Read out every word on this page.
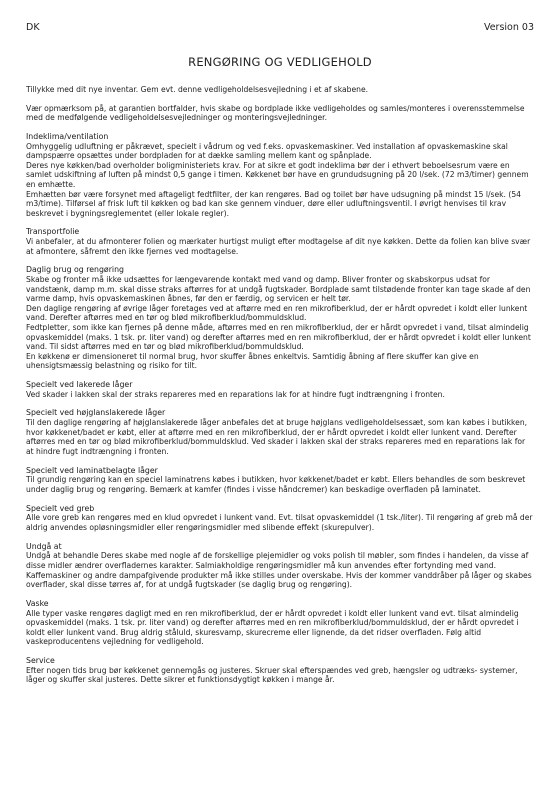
DK	Version 03
RENGØRING OG VEDLIGEHOLD

Tillykke med dit nye inventar. Gem evt. denne vedligeholdelsesvejledning i et af skabene.

Vær opmærksom på, at garantien bortfalder, hvis skabe og bordplade ikke vedligeholdes og samles/monteres i overensstemmelse med de medfølgende vedligeholdelsesvejledninger og monteringsvejledninger.

Indeklima/ventilation

Omhyggelig udluftning er påkrævet, specielt i vådrum og ved f.eks. opvaskemaskiner. Ved installation af opvaskemaskine skal dampspærre opsættes under bordpladen for at dække samling mellem kant og spånplade.

Deres nye køkken/bad overholder boligministeriets krav. For at sikre et godt indeklima bør der i ethvert beboelsesrum være en samlet udskiftning af luften på mindst 0,5 gange i timen. Køkkenet bør have en grundudsugning på 20 l/sek. (72 m3/timer) gennem en emhætte.

Emhætten bør være forsynet med aftageligt fedtfilter, der kan rengøres. Bad og toilet bør have udsugning på mindst 15 l/sek. (54 m3/time). Tilførsel af frisk luft til køkken og bad kan ske gennem vinduer, døre eller udluftningsventil. I øvrigt henvises til krav beskrevet i bygningsreglementet (eller lokale regler).

Transportfolie

Vi anbefaler, at du afmonterer folien og mærkater hurtigst muligt efter modtagelse af dit nye køkken. Dette da folien kan blive svær at afmontere, såfremt den ikke fjernes ved modtagelse.

Daglig brug og rengøring

Skabe og fronter må ikke udsættes for længevarende kontakt med vand og damp. Bliver fronter og skabskorpus udsat for vandstænk, damp m.m. skal disse straks aftørres for at undgå fugtskader. Bordplade samt tilstødende fronter kan tage skade af den varme damp, hvis opvaskemaskinen åbnes, før den er færdig, og servicen er helt tør.

Den daglige rengøring af øvrige låger foretages ved at aftørre med en ren mikrofiberklud, der er hårdt opvredet i koldt eller lunkent vand. Derefter aftørres med en tør og blød mikrofiberklud/bommuldsklud.

Fedtpletter, som ikke kan fjernes på denne måde, aftørres med en ren mikrofiberklud, der er hårdt opvredet i vand, tilsat almindelig opvaskemiddel (maks. 1 tsk. pr. liter vand) og derefter aftørres med en ren mikrofiberklud, der er hårdt opvredet i koldt eller lunkent vand. Til sidst aftørres med en tør og blød mikrofiberklud/bommuldsklud.

En køkkenø er dimensioneret til normal brug, hvor skuffer åbnes enkeltvis. Samtidig åbning af flere skuffer kan give en uhensigtsmæssig belastning og risiko for tilt.

Specielt ved lakerede låger

Ved skader i lakken skal der straks repareres med en reparations lak for at hindre fugt indtrængning i fronten.

Specielt ved højglanslakerede låger

Til den daglige rengøring af højglanslakerede låger anbefales det at bruge højglans vedligeholdelsessæt, som kan købes i butikken, hvor køkkenet/badet er købt, eller at aftørre med en ren mikrofiberklud, der er hårdt opvredet i koldt eller lunkent vand. Derefter aftørres med en tør og blød mikrofiberklud/bommuldsklud. Ved skader i lakken skal der straks repareres med en reparations lak for at hindre fugt indtrængning i fronten.

Specielt ved laminatbelagte låger

Til grundig rengøring kan en speciel laminatrens købes i butikken, hvor køkkenet/badet er købt. Ellers behandles de som beskrevet under daglig brug og rengøring. Bemærk at kamfer (findes i visse håndcremer) kan beskadige overfladen på laminatet.

Specielt ved greb

Alle vore greb kan rengøres med en klud opvredet i lunkent vand. Evt. tilsat opvaskemiddel (1 tsk./liter). Til rengøring af greb må der aldrig anvendes opløsningsmidler eller rengøringsmidler med slibende effekt (skurepulver).

Undgå at

Undgå at behandle Deres skabe med nogle af de forskellige plejemidler og voks polish til møbler, som findes i handelen, da visse af disse midler ændrer overfladernes karakter. Salmiakholdige rengøringsmidler må kun anvendes efter fortynding med vand.

Kaffemaskiner og andre dampafgivende produkter må ikke stilles under overskabe. Hvis der kommer vanddråber på låger og skabes overflader, skal disse tørres af, for at undgå fugtskader (se daglig brug og rengøring).

Vaske

Alle typer vaske rengøres dagligt med en ren mikrofiberklud, der er hårdt opvredet i koldt eller lunkent vand evt. tilsat almindelig opvaskemiddel (maks. 1 tsk. pr. liter vand) og derefter aftørres med en ren mikrofiberklud/bommuldsklud, der er hårdt opvredet i koldt eller lunkent vand. Brug aldrig ståluld, skuresvamp, skurecreme eller lignende, da det ridser overfladen. Følg altid vaskeproducentens vejledning for vedligehold.

Service

Efter nogen tids brug bør køkkenet gennemgås og justeres. Skruer skal efterspændes ved greb, hængsler og udtræks- systemer, låger og skuffer skal justeres. Dette sikrer et funktionsdygtigt køkken i mange år.
